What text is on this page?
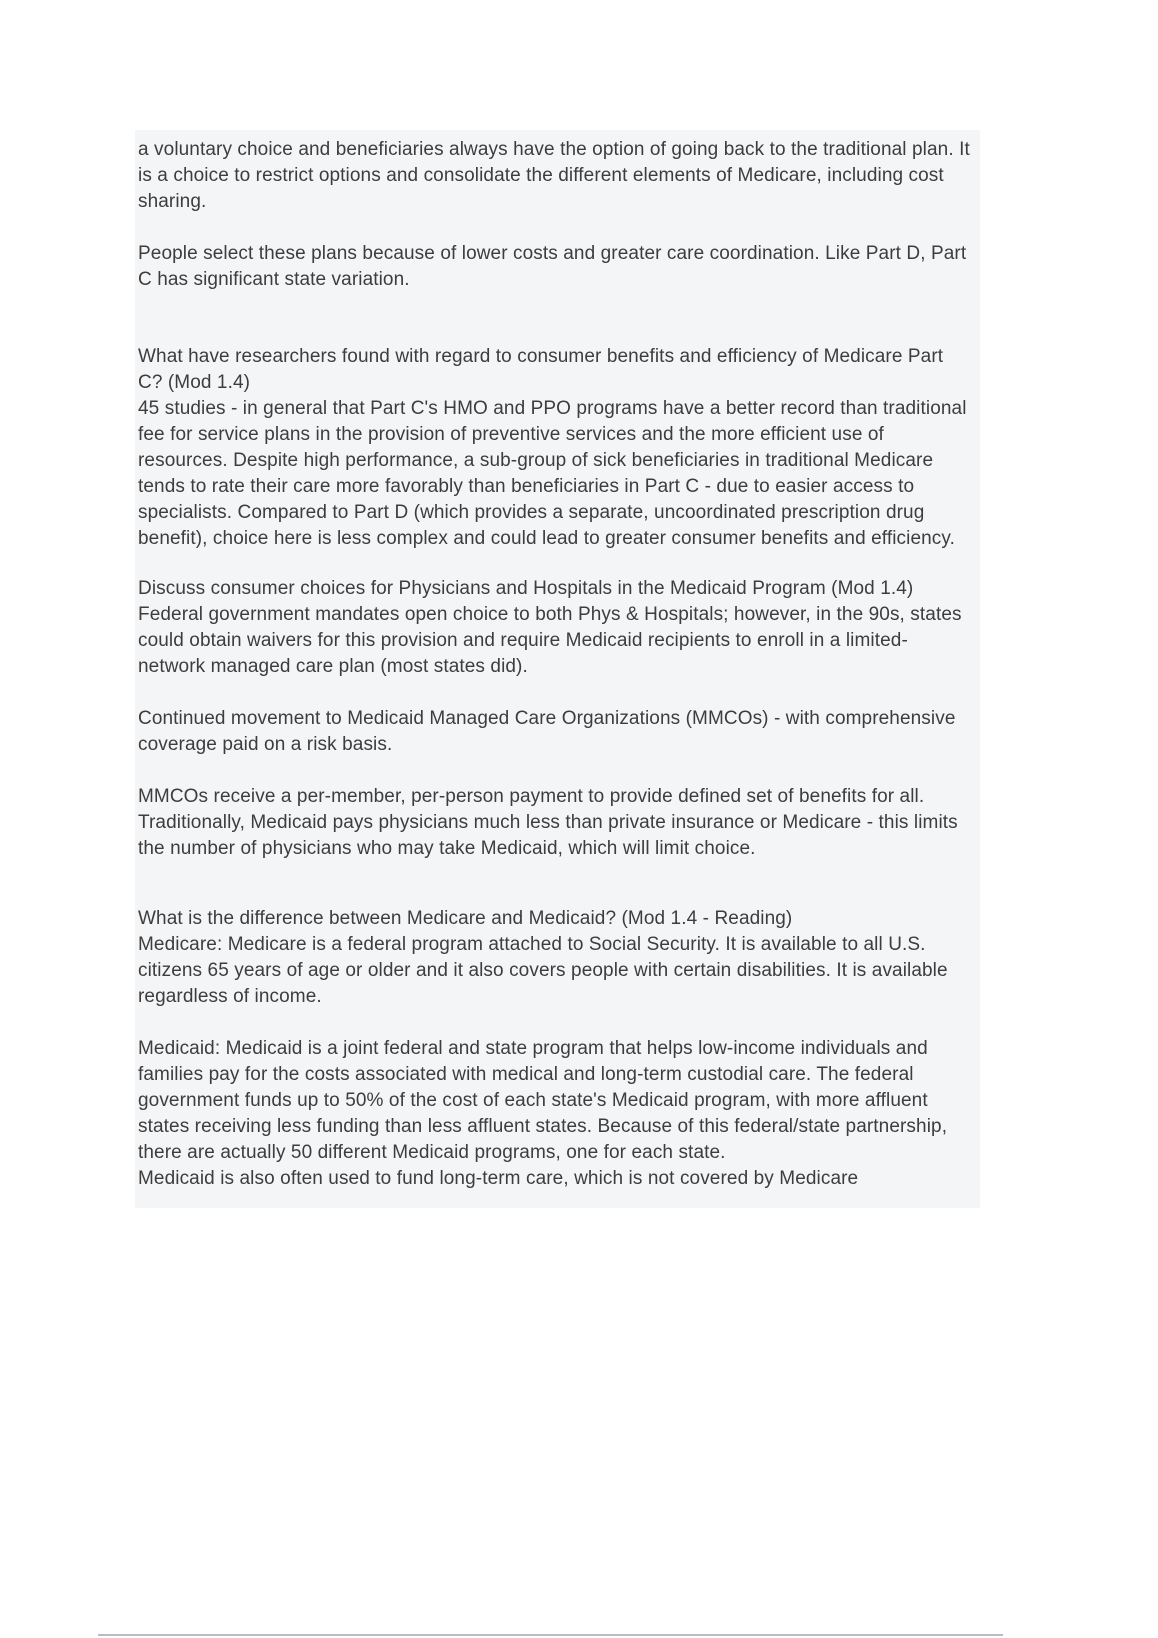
a voluntary choice and beneficiaries always have the option of going back to the traditional plan. It is a choice to restrict options and consolidate the different elements of Medicare, including cost sharing.

People select these plans because of lower costs and greater care coordination. Like Part D, Part C has significant state variation.

What have researchers found with regard to consumer benefits and efficiency of Medicare Part C? (Mod 1.4)

45 studies - in general that Part C's HMO and PPO programs have a better record than traditional fee for service plans in the provision of preventive services and the more efficient use of resources. Despite high performance, a sub-group of sick beneficiaries in traditional Medicare tends to rate their care more favorably than beneficiaries in Part C - due to easier access to specialists. Compared to Part D (which provides a separate, uncoordinated prescription drug benefit), choice here is less complex and could lead to greater consumer benefits and efficiency.

Discuss consumer choices for Physicians and Hospitals in the Medicaid Program (Mod 1.4)

Federal government mandates open choice to both Phys & Hospitals; however, in the 90s, states could obtain waivers for this provision and require Medicaid recipients to enroll in a limited-network managed care plan (most states did).

Continued movement to Medicaid Managed Care Organizations (MMCOs) - with comprehensive coverage paid on a risk basis.

MMCOs receive a per-member, per-person payment to provide defined set of benefits for all. Traditionally, Medicaid pays physicians much less than private insurance or Medicare - this limits the number of physicians who may take Medicaid, which will limit choice.

What is the difference between Medicare and Medicaid? (Mod 1.4 - Reading)

Medicare: Medicare is a federal program attached to Social Security. It is available to all U.S. citizens 65 years of age or older and it also covers people with certain disabilities. It is available regardless of income.

Medicaid: Medicaid is a joint federal and state program that helps low-income individuals and families pay for the costs associated with medical and long-term custodial care. The federal government funds up to 50% of the cost of each state's Medicaid program, with more affluent states receiving less funding than less affluent states. Because of this federal/state partnership, there are actually 50 different Medicaid programs, one for each state.

Medicaid is also often used to fund long-term care, which is not covered by Medicare
